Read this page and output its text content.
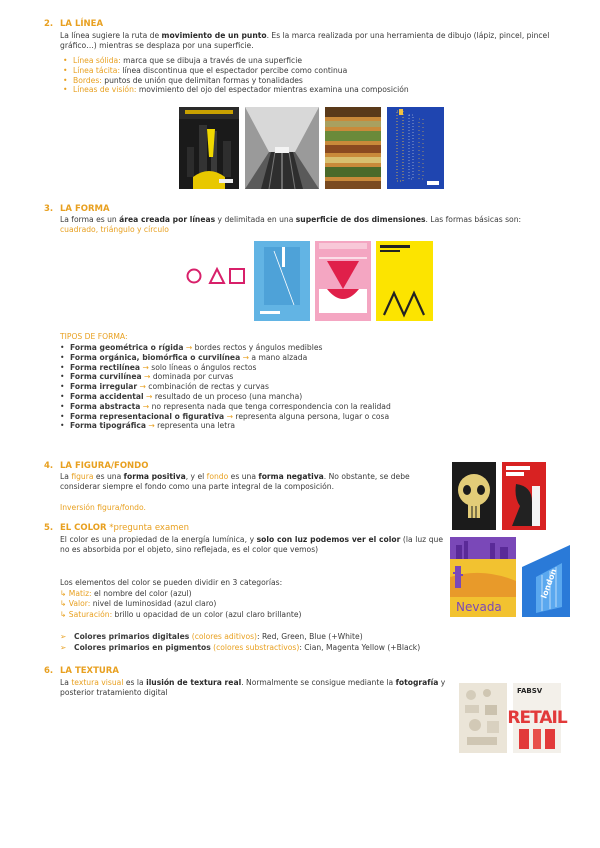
2. LA LÍNEA
La línea sugiere la ruta de movimiento de un punto. Es la marca realizada por una herramienta de dibujo (lápiz, pincel, pincel gráfico…) mientras se desplaza por una superficie.
• Línea sólida: marca que se dibuja a través de una superficie
• Línea tácita: línea discontinua que el espectador percibe como continua
• Bordes: puntos de unión que delimitan formas y tonalidades
• Líneas de visión: movimiento del ojo del espectador mientras examina una composición
3. LA FORMA
La forma es un área creada por líneas y delimitada en una superficie de dos dimensiones. Las formas básicas son: cuadrado, triángulo y círculo
TIPOS DE FORMA:
• Forma geométrica o rígida → bordes rectos y ángulos medibles
• Forma orgánica, biomórfica o curvilínea → a mano alzada
• Forma rectilínea → solo líneas o ángulos rectos
• Forma curvilínea → dominada por curvas
• Forma irregular → combinación de rectas y curvas
• Forma accidental → resultado de un proceso (una mancha)
• Forma abstracta → no representa nada que tenga correspondencia con la realidad
• Forma representacional o figurativa → representa alguna persona, lugar o cosa
• Forma tipográfica → representa una letra
4. LA FIGURA/FONDO
La figura es una forma positiva, y el fondo es una forma negativa. No obstante, se debe considerar siempre el fondo como una parte integral de la composición.
Inversión figura/fondo.
5. EL COLOR *pregunta examen
El color es una propiedad de la energía lumínica, y solo con luz podemos ver el color (la luz que no es absorbida por el objeto, sino reflejada, es el color que vemos)
Los elementos del color se pueden dividir en 3 categorías:
↳ Matiz: el nombre del color (azul)
↳ Valor: nivel de luminosidad (azul claro)
↳ Saturación: brillo u opacidad de un color (azul claro brillante)
➢ Colores primarios digitales (colores aditivos): Red, Green, Blue (+White)
➢ Colores primarios en pigmentos (colores substractivos): Cian, Magenta Yellow (+Black)
Nevada
london
6. LA TEXTURA
La textura visual es la ilusión de textura real. Normalmente se consigue mediante la fotografía y posterior tratamiento digital	FABSV
RETAIL
